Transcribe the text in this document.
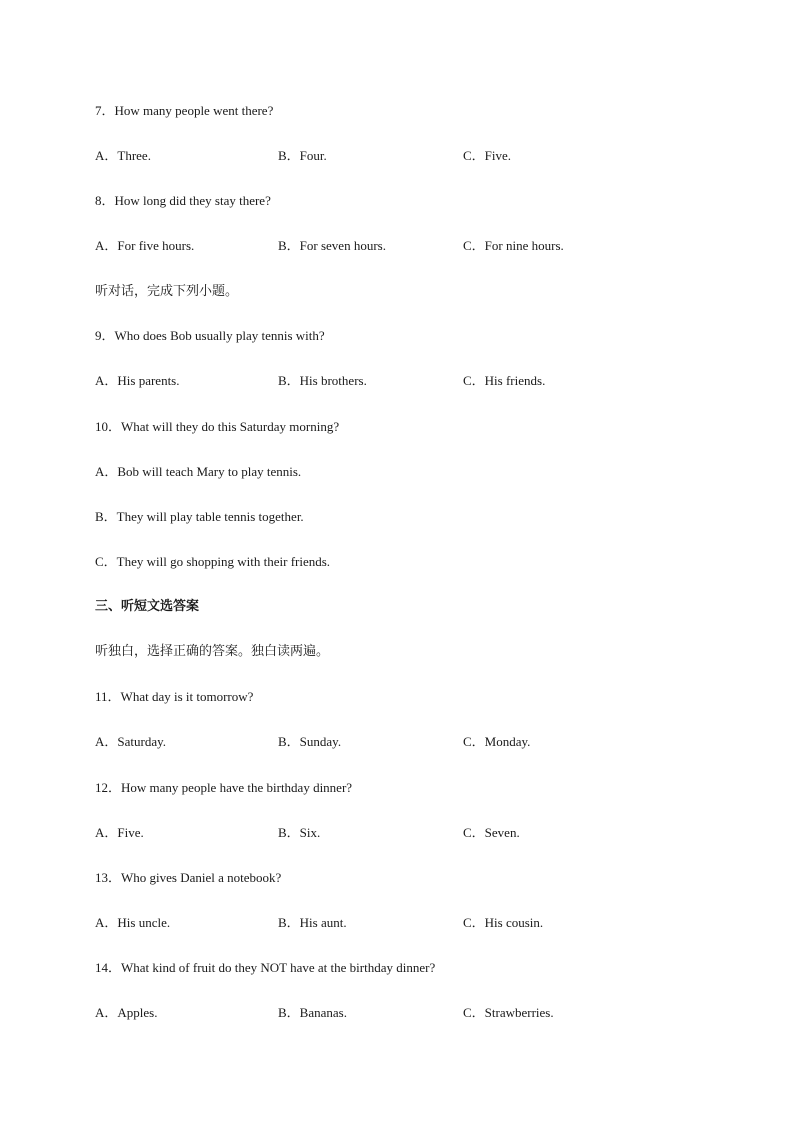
7．How many people went there?
A．Three.	B．Four.	C．Five.
8．How long did they stay there?
A．For five hours.	B．For seven hours.	C．For nine hours.
听对话，完成下列小题。
9．Who does Bob usually play tennis with?
A．His parents.	B．His brothers.	C．His friends.
10．What will they do this Saturday morning?
A．Bob will teach Mary to play tennis.
B．They will play table tennis together.
C．They will go shopping with their friends.
三、听短文选答案
听独白，选择正确的答案。独白读两遍。
11．What day is it tomorrow?
A．Saturday.	B．Sunday.	C．Monday.
12．How many people have the birthday dinner?
A．Five.	B．Six.	C．Seven.
13．Who gives Daniel a notebook?
A．His uncle.	B．His aunt.	C．His cousin.
14．What kind of fruit do they NOT have at the birthday dinner?
A．Apples.	B．Bananas.	C．Strawberries.
